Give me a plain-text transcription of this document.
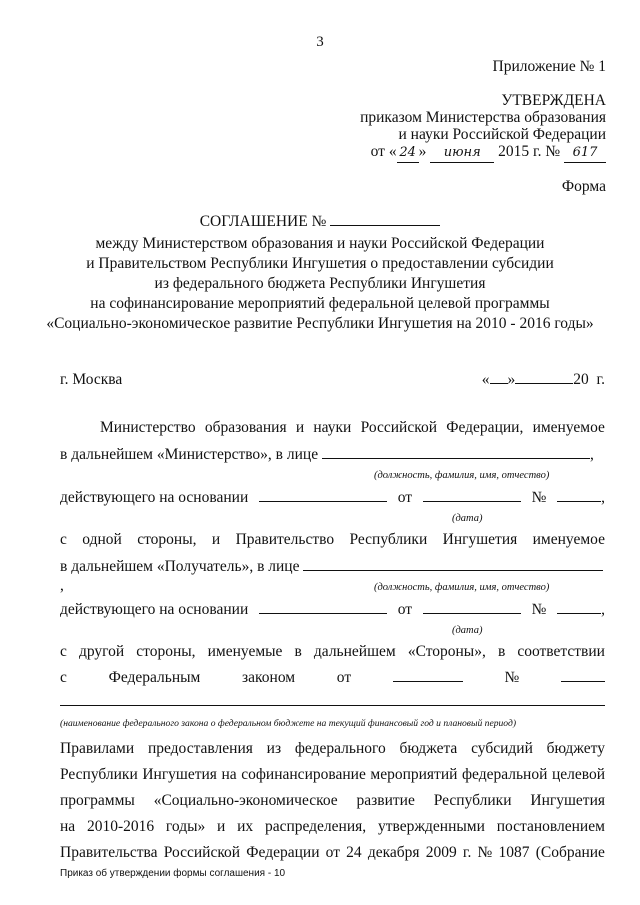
3
Приложение № 1
УТВЕРЖДЕНА
приказом Министерства образования
и науки Российской Федерации
от « 24 » июня 2015 г. № 617
Форма
СОГЛАШЕНИЕ №
между Министерством образования и науки Российской Федерации
и Правительством Республики Ингушетия о предоставлении субсидии
из федерального бюджета Республики Ингушетия
на софинансирование мероприятий федеральной целевой программы
«Социально-экономическое развитие Республики Ингушетия на 2010 - 2016 годы»
г. Москва	« »	20 г.
Министерство образования и науки Российской Федерации, именуемое
в дальнейшем «Министерство», в лице	,
(должность, фамилия, имя, отчество)
действующего на основании	от	№	,
(дата)
с одной стороны, и Правительство Республики Ингушетия именуемое
в дальнейшем «Получатель», в лице ,	(должность, фамилия, имя, отчество)
действующего на основании	от	№	,
(дата)
с другой стороны, именуемые в дальнейшем «Стороны», в соответствии
с	Федеральным	законом	от	№
(наименование федерального закона о федеральном бюджете на текущий финансовый год и плановый период)
Правилами предоставления из федерального бюджета субсидий бюджету
Республики Ингушетия на софинансирование мероприятий федеральной целевой
программы «Социально-экономическое развитие Республики Ингушетия
на 2010-2016 годы» и их распределения, утвержденными постановлением
Правительства Российской Федерации от 24 декабря 2009 г. № 1087 (Собрание
Приказ об утверждении формы соглашения - 10
